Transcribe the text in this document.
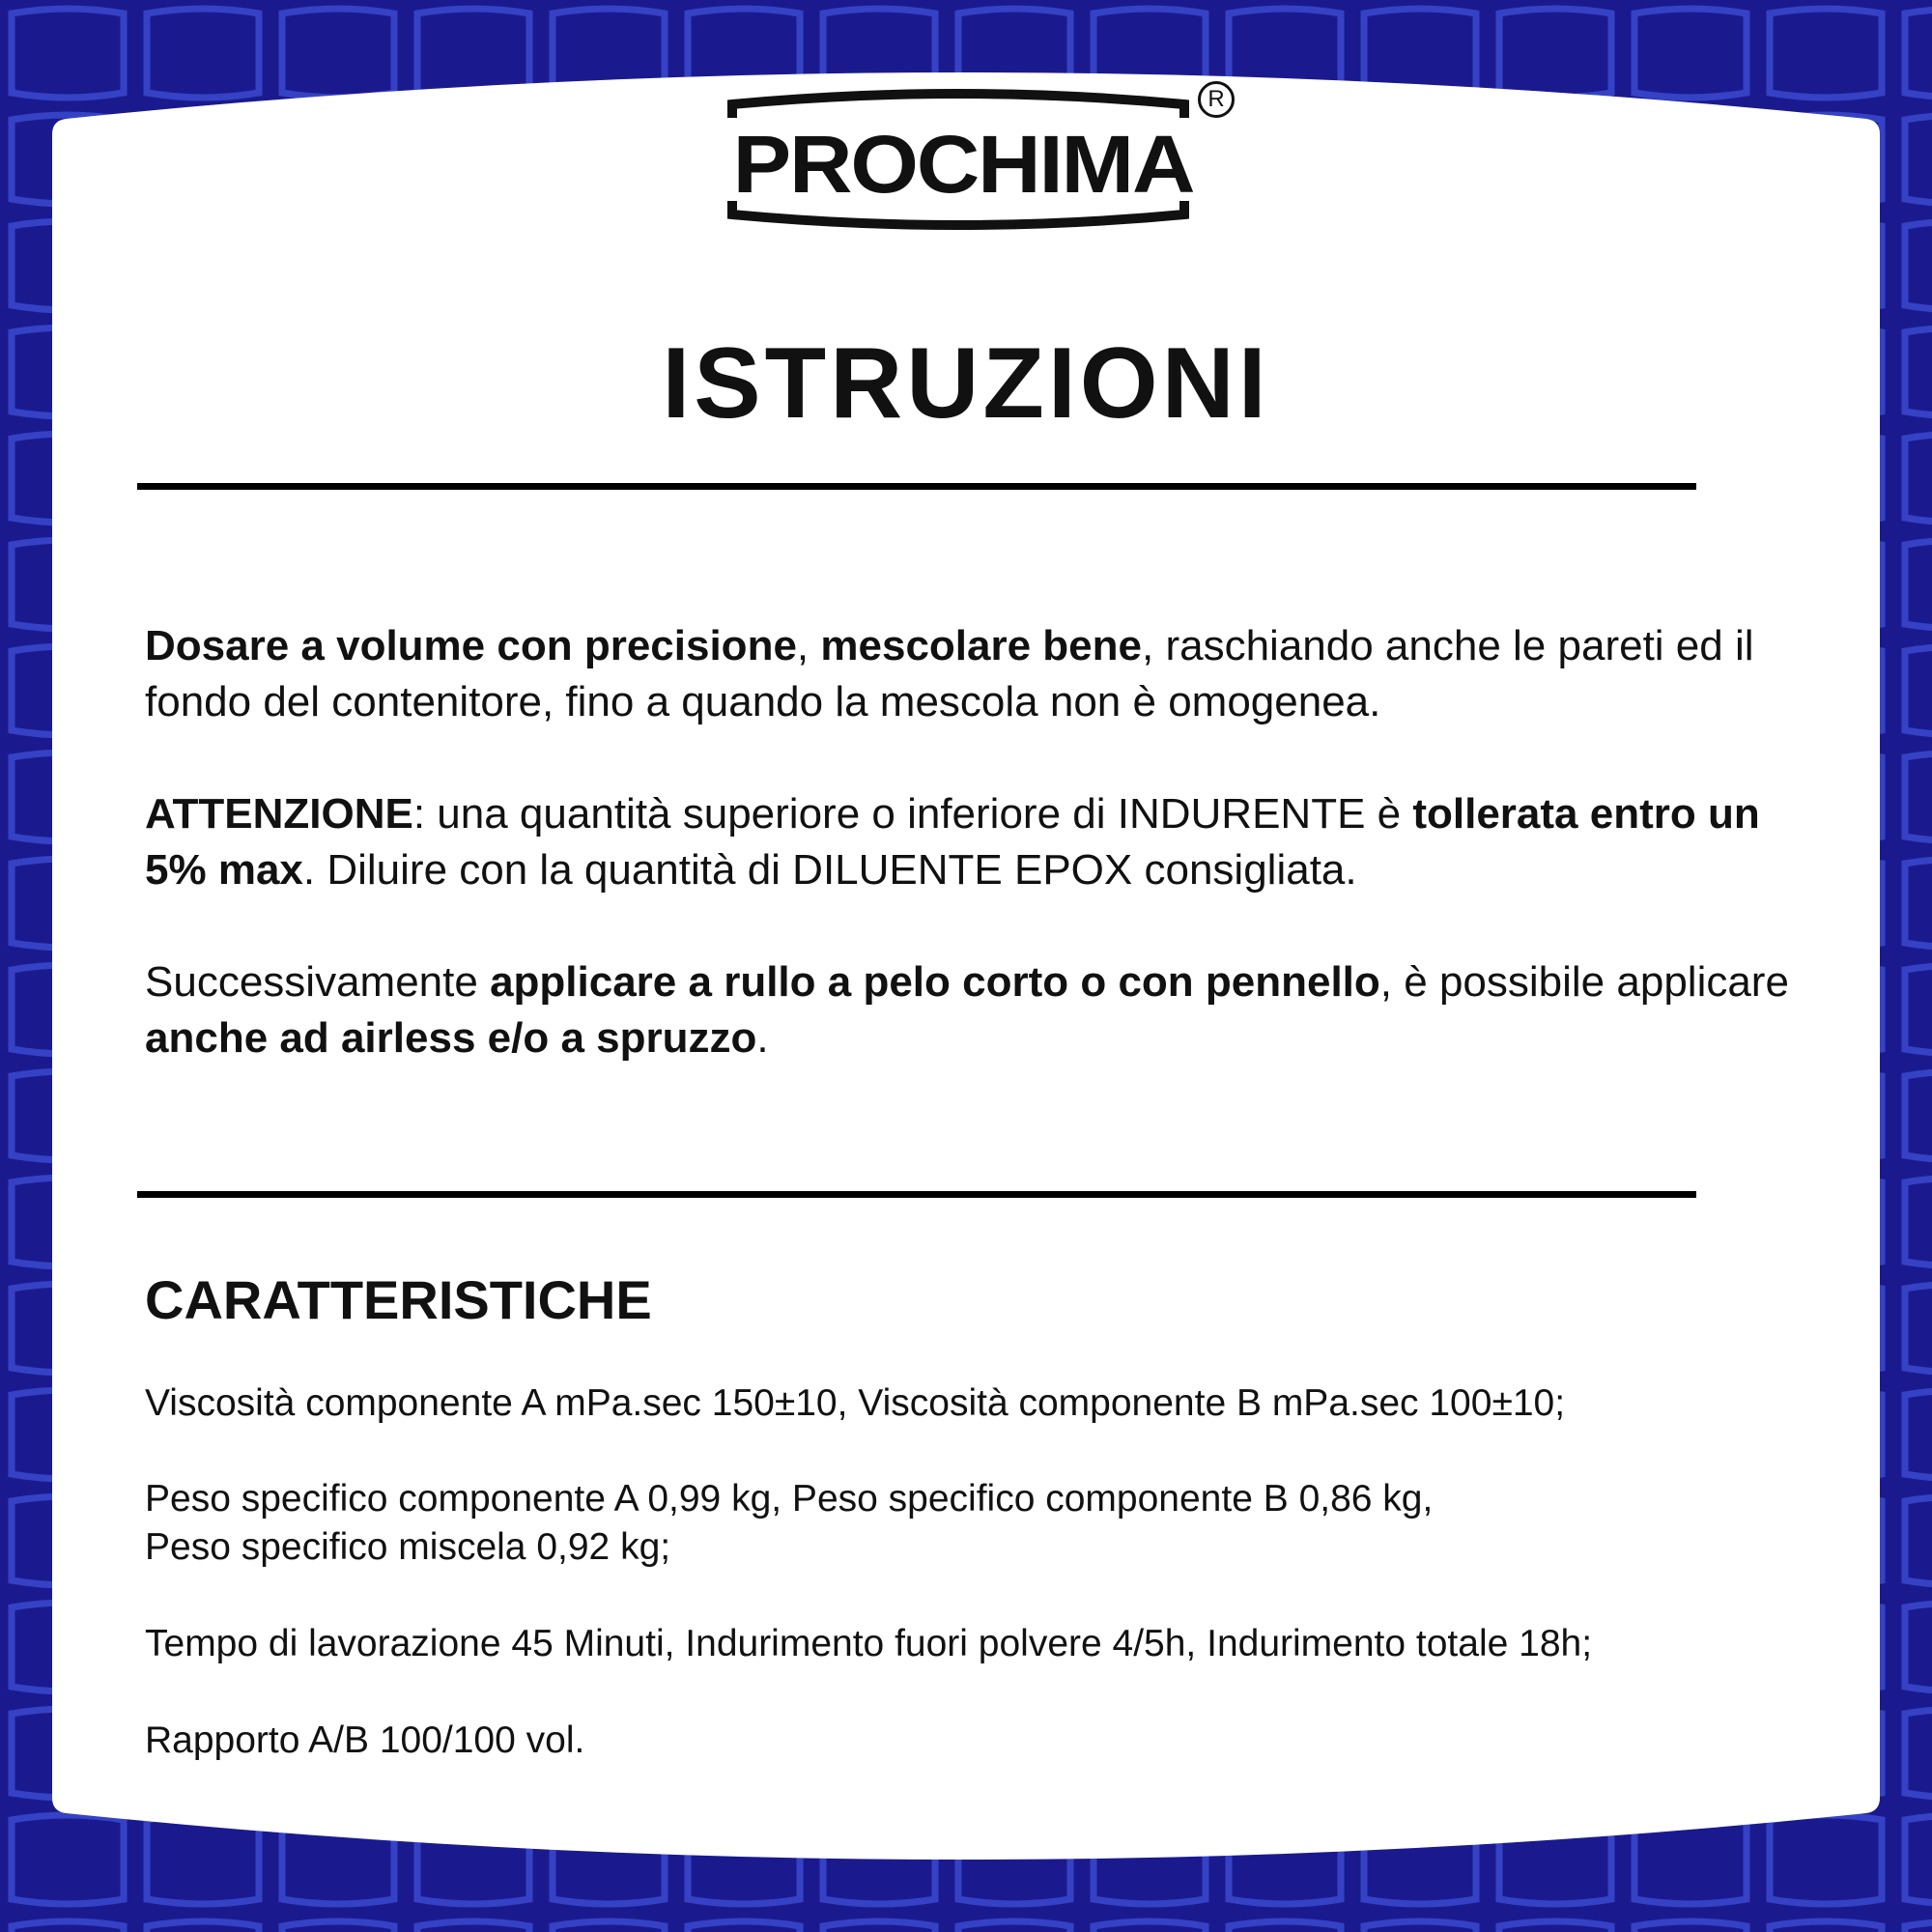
PROCHIMA
R
ISTRUZIONI

Dosare a volume con precisione, mescolare bene, raschiando anche le pareti ed il fondo del contenitore, fino a quando la mescola non è omogenea.

ATTENZIONE: una quantità superiore o inferiore di INDURENTE è tollerata entro un 5% max. Diluire con la quantità di DILUENTE EPOX consigliata.

Successivamente applicare a rullo a pelo corto o con pennello, è possibile applicare anche ad airless e/o a spruzzo.

CARATTERISTICHE

Viscosità componente A mPa.sec 150±10, Viscosità componente B mPa.sec 100±10;

Peso specifico componente A 0,99 kg, Peso specifico componente B 0,86 kg,
Peso specifico miscela 0,92 kg;

Tempo di lavorazione 45 Minuti, Indurimento fuori polvere 4/5h, Indurimento totale 18h;

Rapporto A/B 100/100 vol.
